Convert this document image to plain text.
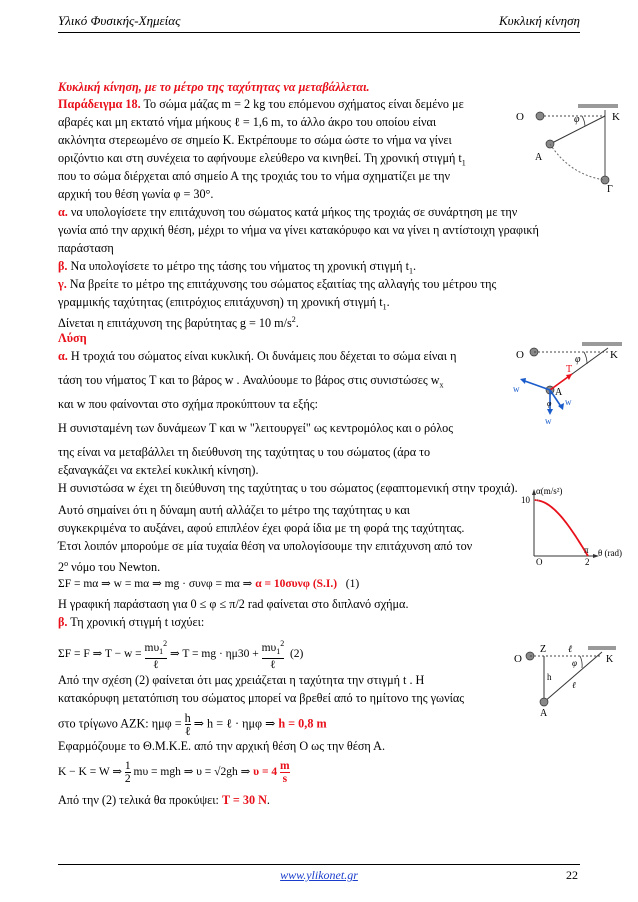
Υλικό Φυσικής-Χημείας	Κυκλική κίνηση
Κυκλική κίνηση, με το μέτρο της ταχύτητας να μεταβάλλεται.
Παράδειγμα 18. Το σώμα μάζας m = 2 kg του επόμενου σχήματος είναι δεμένο με
αβαρές και μη εκτατό νήμα μήκους ℓ = 1,6 m, το άλλο άκρο του οποίου είναι
ακλόνητα στερεωμένο σε σημείο Κ. Εκτρέπουμε το σώμα ώστε το νήμα να γίνει
οριζόντιο και στη συνέχεια το αφήνουμε ελεύθερο να κινηθεί. Τη χρονική στιγμή $t_1$
που το σώμα διέρχεται από σημείο Α της τροχιάς του το νήμα σχηματίζει με την
αρχική του θέση γωνία φ = 30°.
O	φ	K
A
Γ
α. να υπολογίσετε την επιτάχυνση του σώματος κατά μήκος της τροχιάς σε συνάρτηση με την
γωνία από την αρχική θέση, μέχρι το νήμα να γίνει κατακόρυφο και να γίνει η αντίστοιχη γραφική
παράσταση
β. Να υπολογίσετε το μέτρο της τάσης του νήματος τη χρονική στιγμή $t_1$.
γ. Να βρείτε το μέτρο της επιτάχυνσης του σώματος εξαιτίας της αλλαγής του μέτρου της
γραμμικής ταχύτητας (επιτρόχιος επιτάχυνση) τη χρονική στιγμή $t_1$.
Δίνεται η επιτάχυνση της βαρύτητας g = 10 $m/s^2$.
Λύση
α. Η τροχιά του σώματος είναι κυκλική. Οι δυνάμεις που δέχεται το σώμα είναι η
τάση του νήματος T και το βάρος w . Αναλύουμε το βάρος στις συνιστώσες $w_x$
και w που φαίνονται στο σχήμα προκύπτουν τα εξής:
Η συνισταμένη των δυνάμεων T και w "λειτουργεί" ως κεντρομόλος και ο ρόλος
της είναι να μεταβάλλει τη διεύθυνση της ταχύτητας υ του σώματος (άρα το
εξαναγκάζει να εκτελεί κυκλική κίνηση).
Η συνιστώσα w έχει τη διεύθυνση της ταχύτητας υ του σώματος (εφαπτομενική στην τροχιά).
Αυτό σημαίνει ότι η δύναμη αυτή αλλάζει το μέτρο της ταχύτητας υ και
συγκεκριμένα το αυξάνει, αφού επιπλέον έχει φορά ίδια με τη φορά της ταχύτητας.
Έτσι λοιπόν μπορούμε σε μία τυχαία θέση να υπολογίσουμε την επιτάχυνση από τον
$2^o$ νόμο του Newton.
O	φ	K
T
A
w
w
w
φ
α(m/s²)
10
O
π
2
θ (rad)
ΣF = mα ⇒ w = mα ⇒ mg · συνφ = mα ⇒ α = 10συνφ (S.I.) (1)
Η γραφική παράσταση για 0 ≤ φ ≤ π/2 rad φαίνεται στο διπλανό σχήμα.
β. Τη χρονική στιγμή t ισχύει:
ΣF = F ⇒ $T - w = m\upsilon_1^2$

ℓ
⇒ T = mg · $\eta\mu 30 + m\upsilon_1^2$

ℓ
(2)
Από την σχέση (2) φαίνεται ότι μας χρειάζεται η ταχύτητα την στιγμή t . Η
κατακόρυφη μετατόπιση του σώματος μπορεί να βρεθεί από το ημίτονο της γωνίας
στο τρίγωνο ΑΖΚ: ημφ = h

ℓ
⇒ h = ℓ · ημφ ⇒ h = 0,8 m
O
Z ℓ
K
h
φ
ℓ
A
Εφαρμόζουμε το Θ.Μ.Κ.Ε. από την αρχική θέση Ο ως την θέση Α.
K − K = W ⇒ $\frac{1}{2}$ mυ = mgh ⇒ υ = √2gh ⇒ $\upsilon = 4 \frac{m}{s}$
Από την (2) τελικά θα προκύψει: T = 30 N.
www.ylikonet.gr	22
